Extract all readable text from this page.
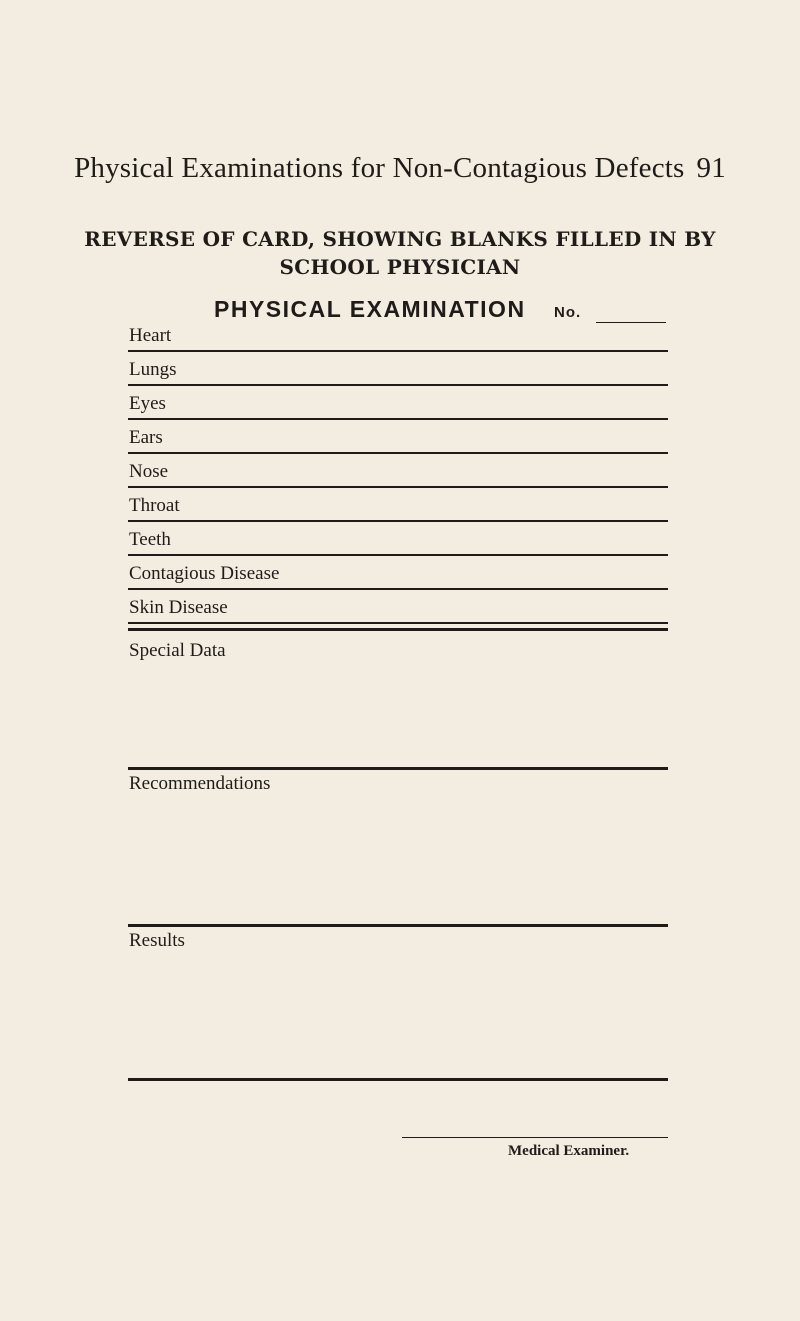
Physical Examinations for Non-Contagious Defects 91
REVERSE OF CARD, SHOWING BLANKS FILLED IN BY
SCHOOL PHYSICIAN
PHYSICAL EXAMINATION No.
Heart
Lungs
Eyes
Ears
Nose
Throat
Teeth
Contagious Disease
Skin Disease
Special Data
Recommendations
Results
Medical Examiner.
